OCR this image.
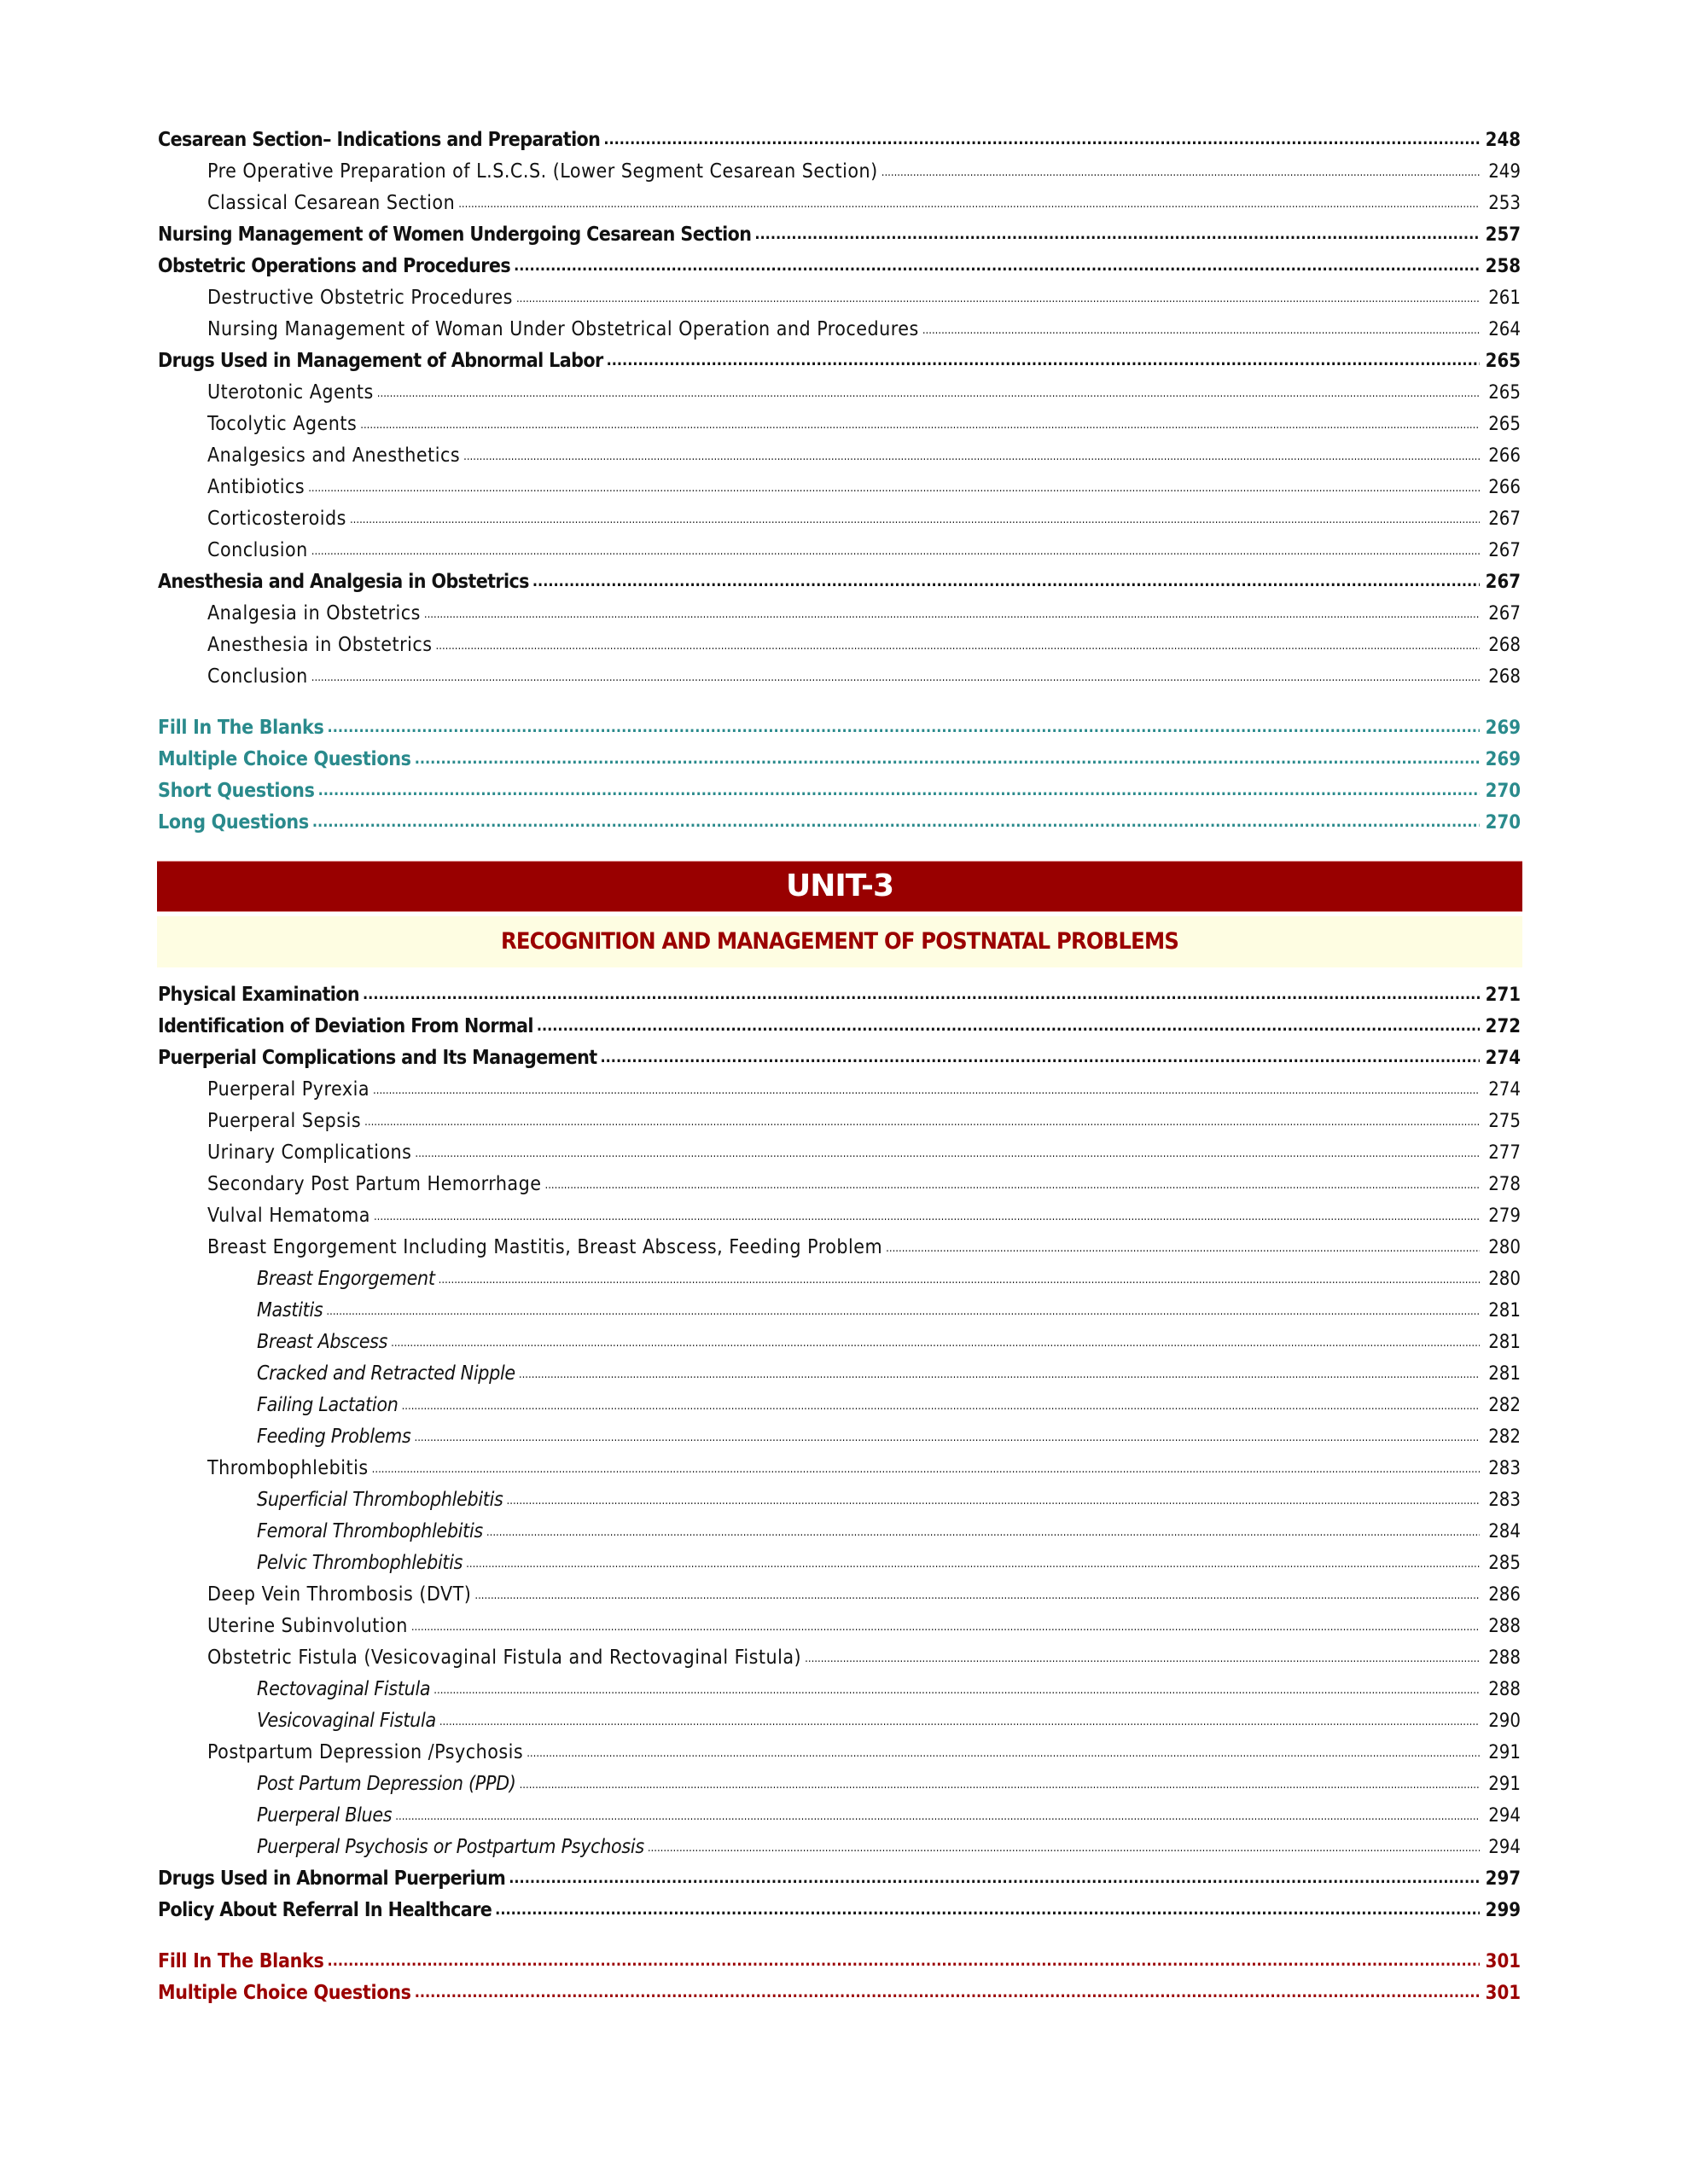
Cesarean Section– Indications and Preparation .....	248
Pre Operative Preparation of L.S.C.S. (Lower Segment Cesarean Section) .....	249
Classical Cesarean Section .....	253
Nursing Management of Women Undergoing Cesarean Section .....	257
Obstetric Operations and Procedures .....	258
Destructive Obstetric Procedures .....	261
Nursing Management of Woman Under Obstetrical Operation and Procedures .....	264
Drugs Used in Management of Abnormal Labor .....	265
Uterotonic Agents .....	265
Tocolytic Agents .....	265
Analgesics and Anesthetics .....	266
Antibiotics .....	266
Corticosteroids .....	267
Conclusion .....	267
Anesthesia and Analgesia in Obstetrics .....	267
Analgesia in Obstetrics .....	267
Anesthesia in Obstetrics .....	268
Conclusion .....	268
Fill In The Blanks .....	269
Multiple Choice Questions .....	269
Short Questions .....	270
Long Questions .....	270
UNIT-3
RECOGNITION AND MANAGEMENT OF POSTNATAL PROBLEMS
Physical Examination .....	271
Identification of Deviation From Normal .....	272
Puerperial Complications and Its Management .....	274
Puerperal Pyrexia .....	274
Puerperal Sepsis .....	275
Urinary Complications .....	277
Secondary Post Partum Hemorrhage .....	278
Vulval Hematoma .....	279
Breast Engorgement Including Mastitis, Breast Abscess, Feeding Problem .....	280
Breast Engorgement .....	280
Mastitis .....	281
Breast Abscess .....	281
Cracked and Retracted Nipple .....	281
Failing Lactation .....	282
Feeding Problems .....	282
Thrombophlebitis .....	283
Superficial Thrombophlebitis .....	283
Femoral Thrombophlebitis .....	284
Pelvic Thrombophlebitis .....	285
Deep Vein Thrombosis (DVT) .....	286
Uterine Subinvolution .....	288
Obstetric Fistula (Vesicovaginal Fistula and Rectovaginal Fistula) .....	288
Rectovaginal Fistula .....	288
Vesicovaginal Fistula .....	290
Postpartum Depression /Psychosis .....	291
Post Partum Depression (PPD) .....	291
Puerperal Blues .....	294
Puerperal Psychosis or Postpartum Psychosis .....	294
Drugs Used in Abnormal Puerperium .....	297
Policy About Referral In Healthcare .....	299
Fill In The Blanks .....	301
Multiple Choice Questions .....	301
